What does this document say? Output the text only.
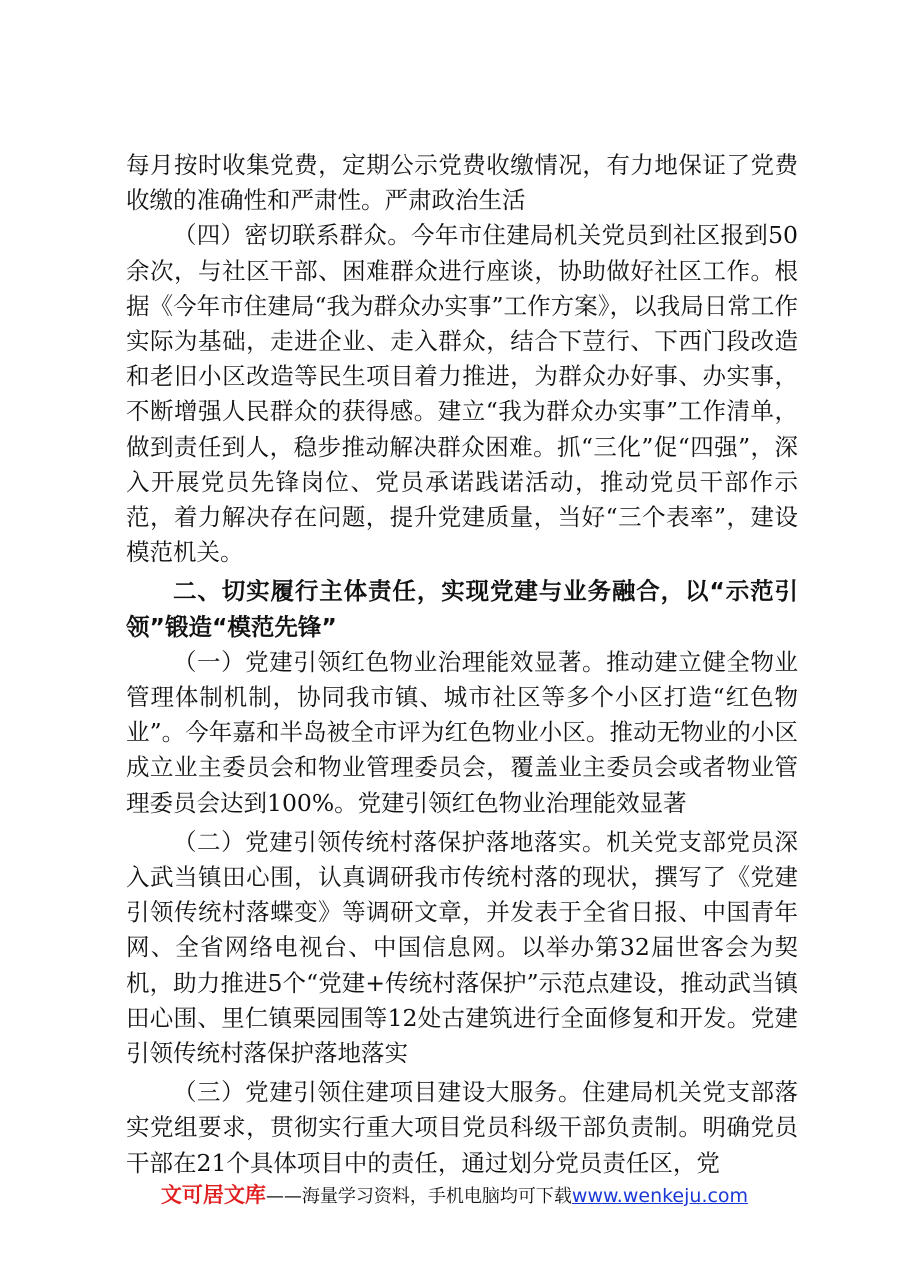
每月按时收集党费，定期公示党费收缴情况，有力地保证了党费收缴的准确性和严肃性。严肃政治生活

（四）密切联系群众。今年市住建局机关党员到社区报到50余次，与社区干部、困难群众进行座谈，协助做好社区工作。根据《今年市住建局“我为群众办实事”工作方案》，以我局日常工作实际为基础，走进企业、走入群众，结合下荳行、下西门段改造和老旧小区改造等民生项目着力推进，为群众办好事、办实事，不断增强人民群众的获得感。建立“我为群众办实事”工作清单，做到责任到人，稳步推动解决群众困难。抓“三化”促“四强”，深入开展党员先锋岗位、党员承诺践诺活动，推动党员干部作示范，着力解决存在问题，提升党建质量，当好“三个表率”，建设模范机关。

二、切实履行主体责任，实现党建与业务融合，以“示范引领”锻造“模范先锋”

（一）党建引领红色物业治理能效显著。推动建立健全物业管理体制机制，协同我市镇、城市社区等多个小区打造“红色物业”。今年嘉和半岛被全市评为红色物业小区。推动无物业的小区成立业主委员会和物业管理委员会，覆盖业主委员会或者物业管理委员会达到100%。党建引领红色物业治理能效显著

（二）党建引领传统村落保护落地落实。机关党支部党员深入武当镇田心围，认真调研我市传统村落的现状，撰写了《党建引领传统村落蝶变》等调研文章，并发表于全省日报、中国青年网、全省网络电视台、中国信息网。以举办第32届世客会为契机，助力推进5个“党建+传统村落保护”示范点建设，推动武当镇田心围、里仁镇栗园围等12处古建筑进行全面修复和开发。党建引领传统村落保护落地落实

（三）党建引领住建项目建设大服务。住建局机关党支部落实党组要求，贯彻实行重大项目党员科级干部负责制。明确党员干部在21个具体项目中的责任，通过划分党员责任区，党

文可居文库——海量学习资料，手机电脑均可下载www.wenkeju.com
